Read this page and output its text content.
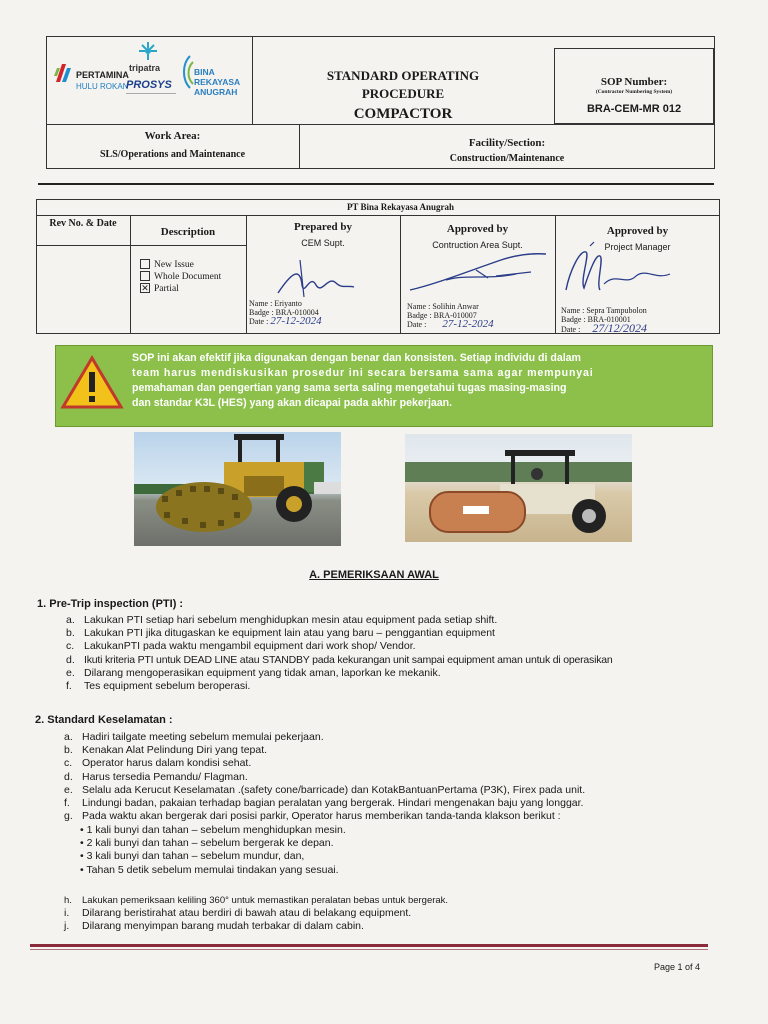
PERTAMINA
HULU ROKAN
tripatra
PROSYS
BINA
REKAYASA
ANUGRAH
STANDARD OPERATING
PROCEDURE
COMPACTOR
SOP Number:
(Contractor Numbering System)
BRA-CEM-MR 012
Work Area:
SLS/Operations and Maintenance
Facility/Section:
Construction/Maintenance
PT Bina Rekayasa Anugrah
Rev No. & Date
Description
New Issue
Whole Document
✕ Partial
Prepared by
CEM Supt.
Name : Eriyanto
Badge : BRA-010004
Date : 27-12-2024
Approved by
Contruction Area Supt.
Name : Solihin Anwar
Badge : BRA-010007
Date : 27-12-2024
Approved by
Project Manager
Name : Sepra Tampubolon
Badge : BRA-010001
Date : 27/12/2024
SOP ini akan efektif jika digunakan dengan benar dan konsisten. Setiap individu di dalam
team harus mendiskusikan prosedur ini secara bersama sama agar mempunyai
pemahaman dan pengertian yang sama serta saling mengetahui tugas masing-masing
dan standar K3L (HES) yang akan dicapai pada akhir pekerjaan.
A. PEMERIKSAAN AWAL
1. Pre-Trip inspection (PTI) :
a. Lakukan PTI setiap hari sebelum menghidupkan mesin atau equipment pada setiap shift.
b. Lakukan PTI jika ditugaskan ke equipment lain atau yang baru – penggantian equipment
c. LakukanPTI pada waktu mengambil equipment dari work shop/ Vendor.
d. Ikuti kriteria PTI untuk DEAD LINE atau STANDBY pada kekurangan unit sampai equipment aman untuk di operasikan
e. Dilarang mengoperasikan equipment yang tidak aman, laporkan ke mekanik.
f. Tes equipment sebelum beroperasi.
2. Standard Keselamatan :
a. Hadiri tailgate meeting sebelum memulai pekerjaan.
b. Kenakan Alat Pelindung Diri yang tepat.
c. Operator harus dalam kondisi sehat.
d. Harus tersedia Pemandu/ Flagman.
e. Selalu ada Kerucut Keselamatan .(safety cone/barricade) dan KotakBantuanPertama (P3K), Firex pada unit.
f. Lindungi badan, pakaian terhadap bagian peralatan yang bergerak. Hindari mengenakan baju yang longgar.
g. Pada waktu akan bergerak dari posisi parkir, Operator harus memberikan tanda-tanda klakson berikut :
• 1 kali bunyi dan tahan – sebelum menghidupkan mesin.
• 2 kali bunyi dan tahan – sebelum bergerak ke depan.
• 3 kali bunyi dan tahan – sebelum mundur, dan,
• Tahan 5 detik sebelum memulai tindakan yang sesuai.
h. Lakukan pemeriksaan keliling 360° untuk memastikan peralatan bebas untuk bergerak.
i. Dilarang beristirahat atau berdiri di bawah atau di belakang equipment.
j. Dilarang menyimpan barang mudah terbakar di dalam cabin.
Page 1 of 4
